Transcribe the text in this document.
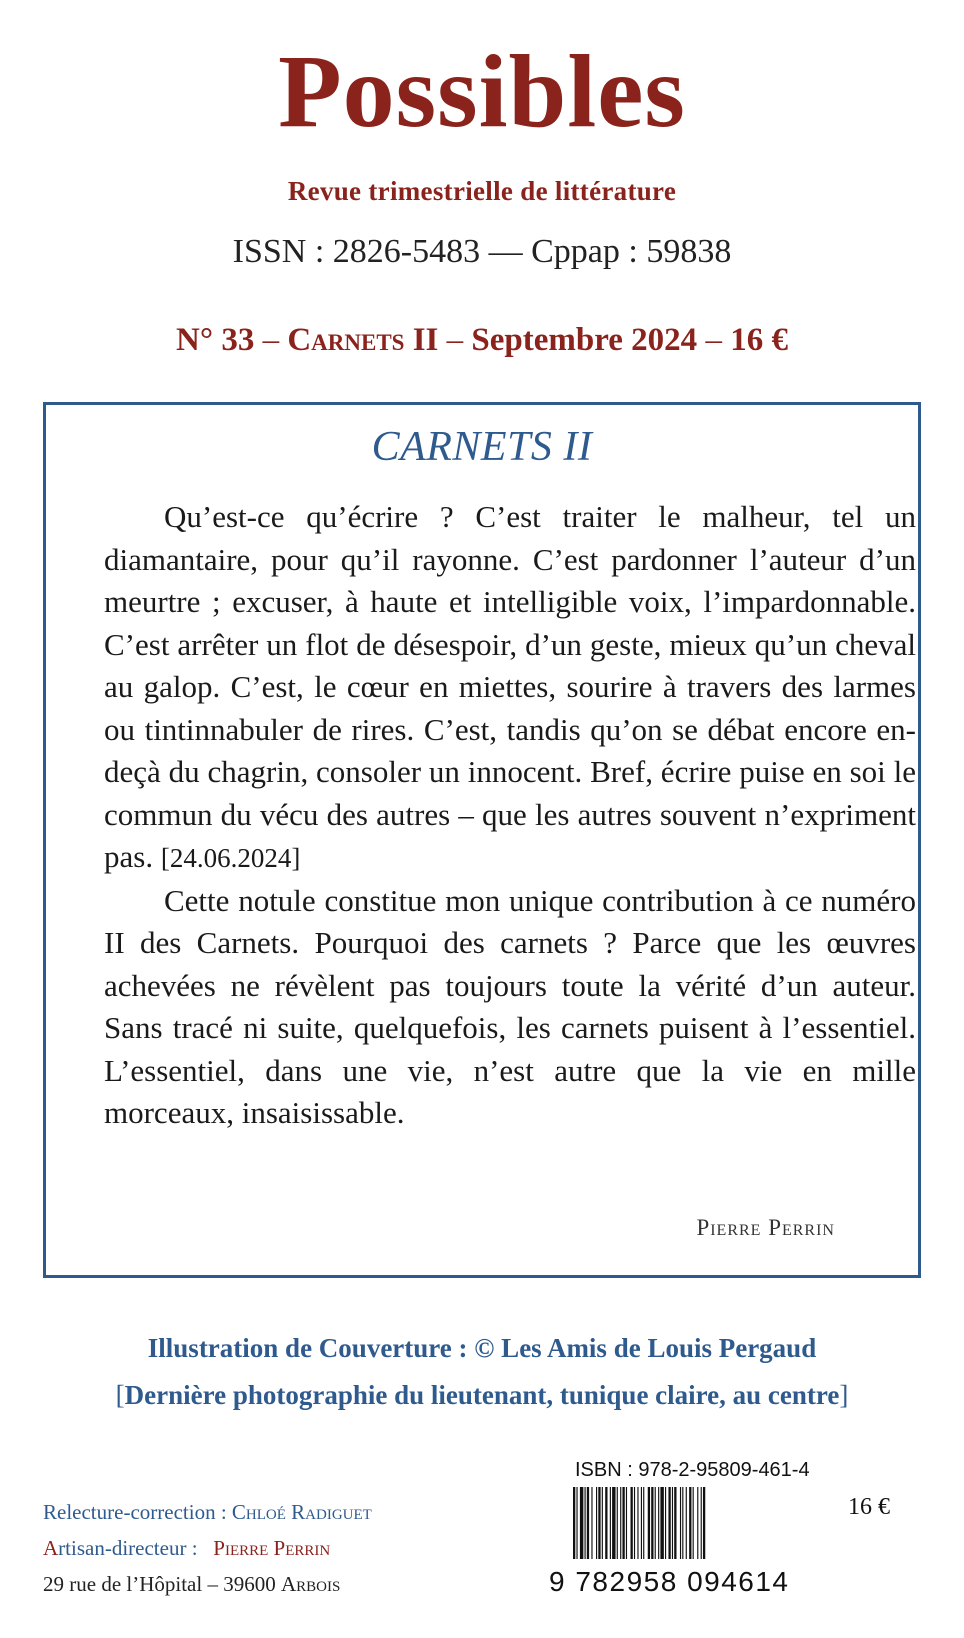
Possibles
Revue trimestrielle de littérature
ISSN : 2826-5483 — Cppap : 59838
N° 33 – Carnets II – Septembre 2024 – 16 €
CARNETS II

Qu’est-ce qu’écrire ? C’est traiter le malheur, tel un diamantaire, pour qu’il rayonne. C’est pardonner l’auteur d’un meurtre ; excuser, à haute et intelligible voix, l’impardonnable. C’est arrêter un flot de désespoir, d’un geste, mieux qu’un cheval au galop. C’est, le cœur en miettes, sourire à travers des larmes ou tintinnabuler de rires. C’est, tandis qu’on se débat encore en-deçà du chagrin, consoler un innocent. Bref, écrire puise en soi le commun du vécu des autres – que les autres souvent n’expriment pas. [24.06.2024]

Cette notule constitue mon unique contribution à ce numéro II des Carnets. Pourquoi des carnets ? Parce que les œuvres achevées ne révèlent pas toujours toute la vérité d’un auteur. Sans tracé ni suite, quelquefois, les carnets puisent à l’essentiel. L’essentiel, dans une vie, n’est autre que la vie en mille morceaux, insaisissable.

Pierre Perrin
Illustration de Couverture : © Les Amis de Louis Pergaud
[Dernière photographie du lieutenant, tunique claire, au centre]
ISBN : 978-2-95809-461-4
16 €
9 782958 094614
Relecture-correction : Chloé Radiguet
Artisan-directeur : Pierre Perrin
29 rue de l’Hôpital – 39600 Arbois
